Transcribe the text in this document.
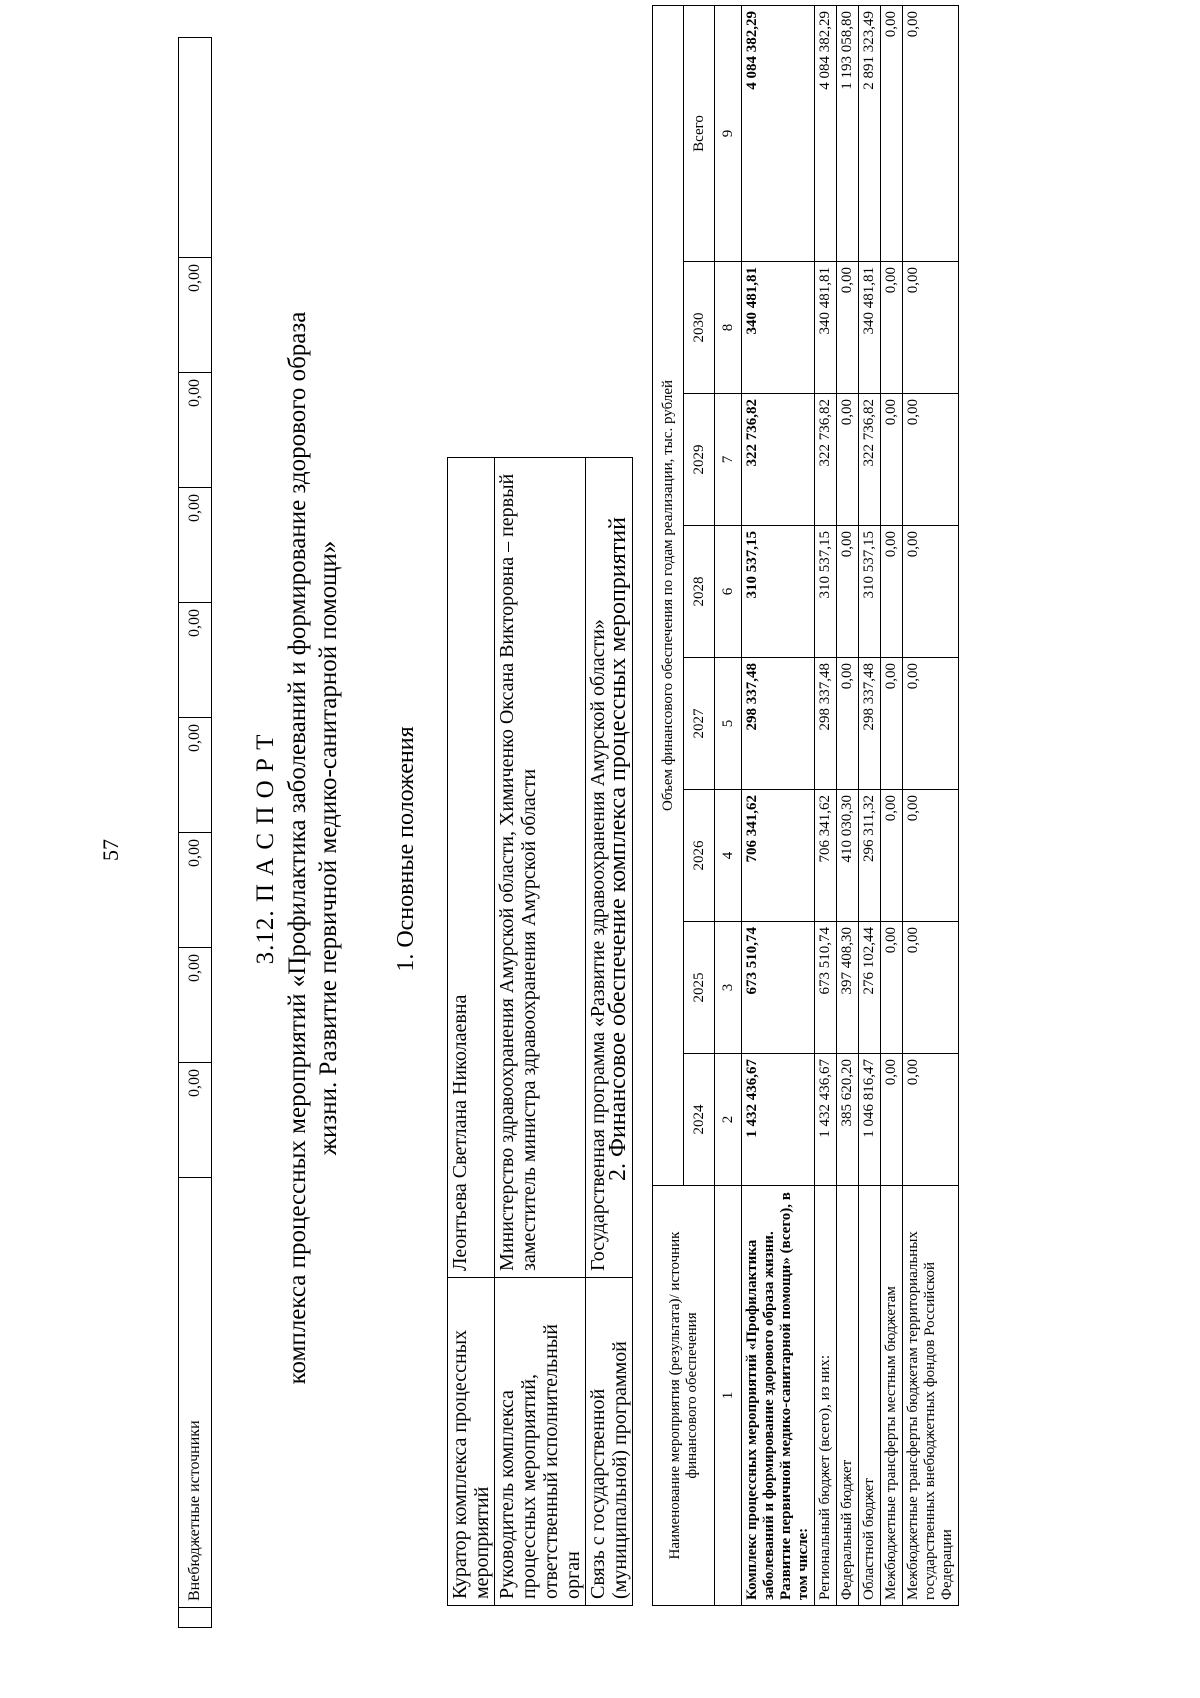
57
	Внебюджетные источники	0,00	0,00	0,00	0,00	0,00	0,00	0,00	0,00	
3.12. П А С П О Р Т комплекса процессных мероприятий «Профилактика заболеваний и формирование здорового образа жизни. Развитие первичной медико-санитарной помощи» 1. Основные положения
Куратор комплекса процессных мероприятий	Леонтьева Светлана Николаевна
Руководитель комплекса процессных мероприятий, ответственный исполнительный орган	Министерство здравоохранения Амурской области, Химиченко Оксана Викторовна – первый заместитель министра здравоохранения Амурской области
Связь с государственной (муниципальной) программой	Государственная программа «Развитие здравоохранения Амурской области»
2. Финансовое обеспечение комплекса процессных мероприятий
Наименование мероприятия (результата)/ источник финансового обеспечения	Объем финансового обеспечения по годам реализации, тыс. рублей							
	2024	2025	2026	2027	2028	2029	2030	Всего
1	2	3	4	5	6	7	8	9
Комплекс процессных мероприятий «Профилактика заболеваний и формирование здорового образа жизни. Развитие первичной медико-санитарной помощи» (всего), в том числе:	1 432 436,67	673 510,74	706 341,62	298 337,48	310 537,15	322 736,82	340 481,81	4 084 382,29
Региональный бюджет (всего), из них:	1 432 436,67	673 510,74	706 341,62	298 337,48	310 537,15	322 736,82	340 481,81	4 084 382,29
Федеральный бюджет	385 620,20	397 408,30	410 030,30	0,00	0,00	0,00	0,00	1 193 058,80
Областной бюджет	1 046 816,47	276 102,44	296 311,32	298 337,48	310 537,15	322 736,82	340 481,81	2 891 323,49
Межбюджетные трансферты местным бюджетам	0,00	0,00	0,00	0,00	0,00	0,00	0,00	0,00
Межбюджетные трансферты бюджетам территориальных государственных внебюджетных фондов Российской Федерации	0,00	0,00	0,00	0,00	0,00	0,00	0,00	0,00
